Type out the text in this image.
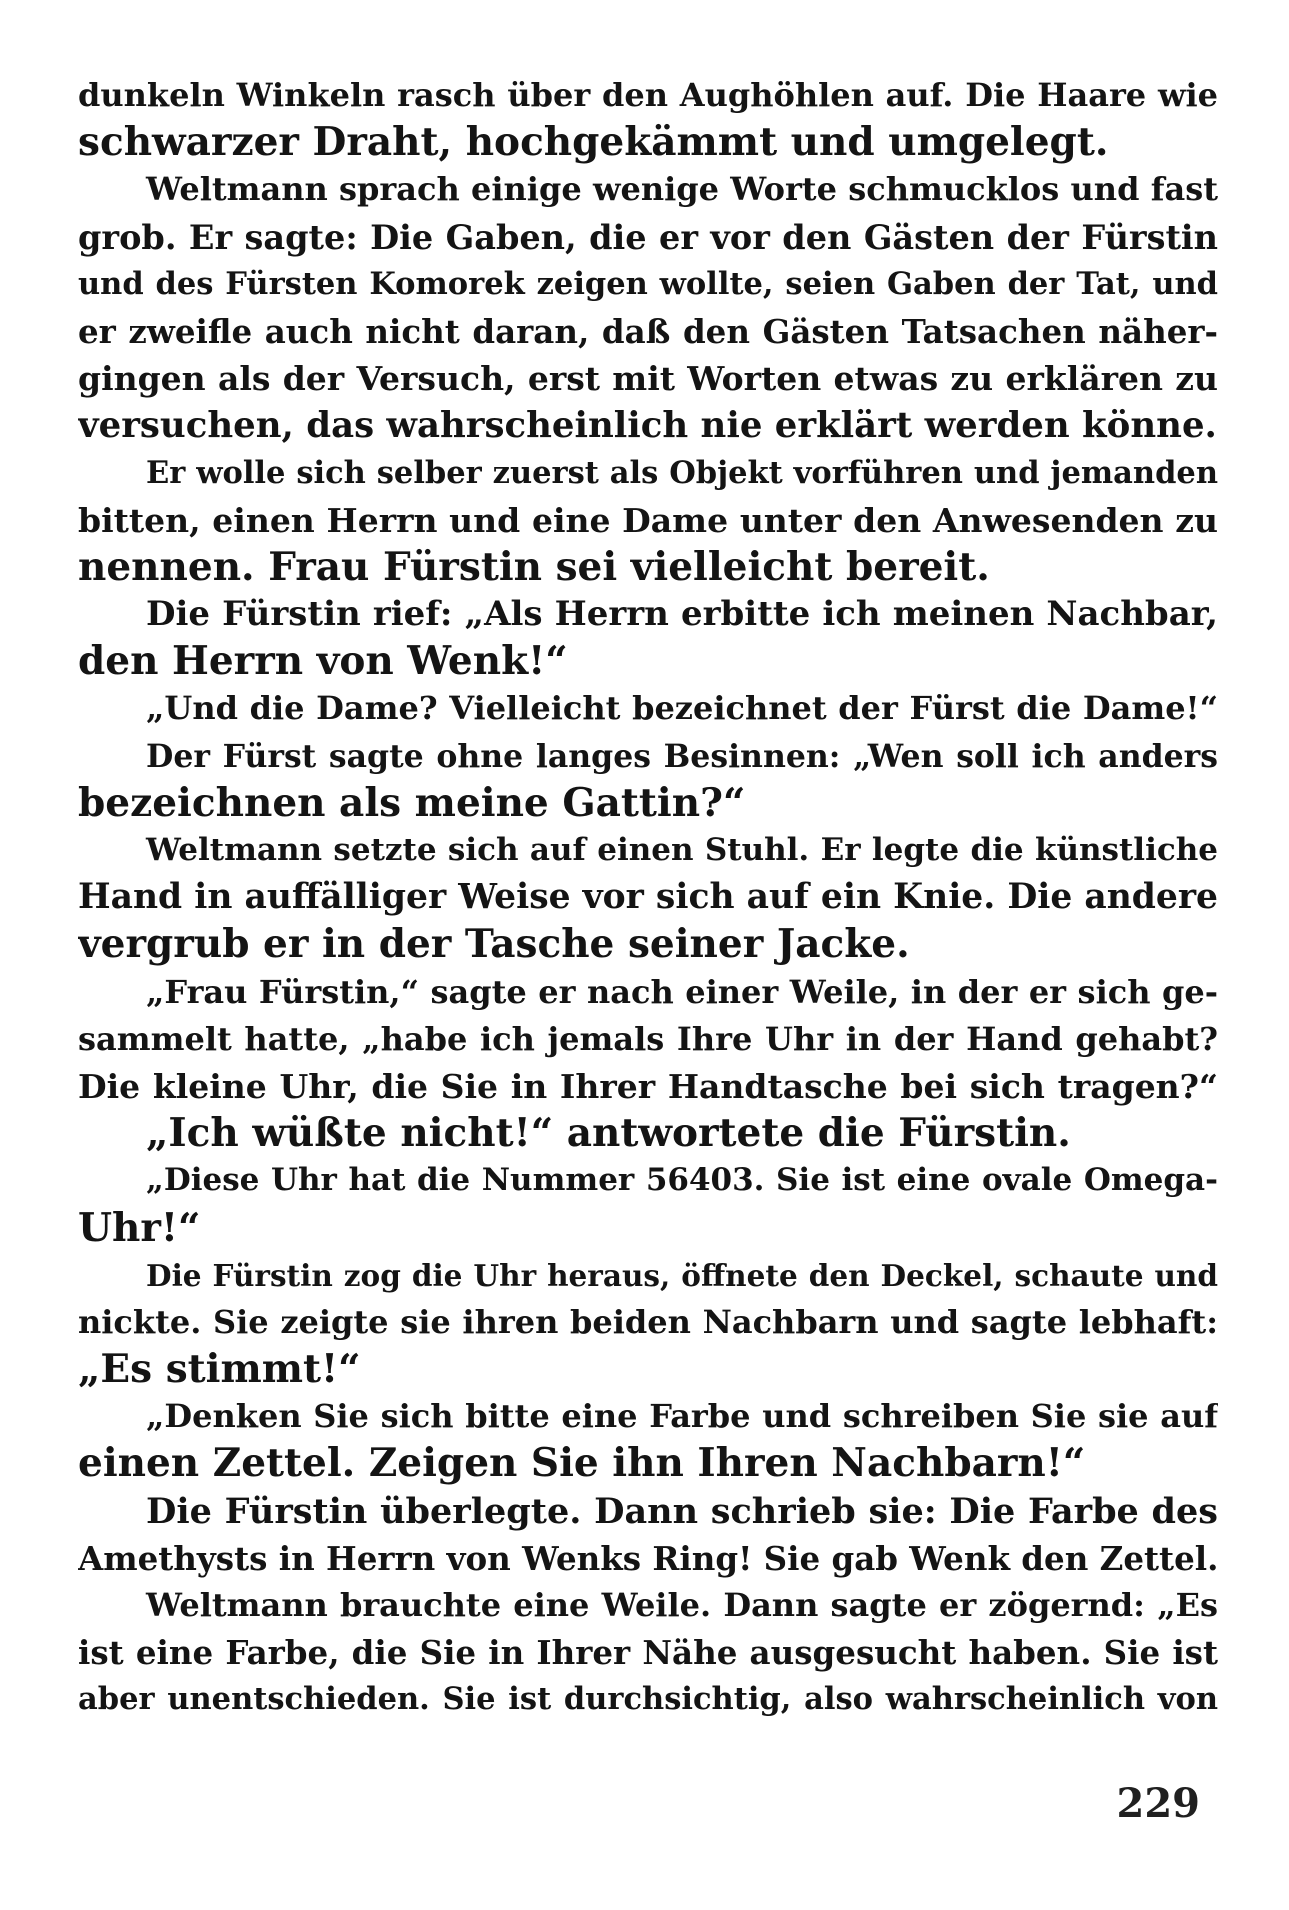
dunkeln Winkeln rasch über den Aughöhlen auf. Die Haare wie
schwarzer Draht, hochgekämmt und umgelegt.
Weltmann sprach einige wenige Worte schmucklos und fast
grob. Er sagte: Die Gaben, die er vor den Gästen der Fürstin
und des Fürsten Komorek zeigen wollte, seien Gaben der Tat, und
er zweifle auch nicht daran, daß den Gästen Tatsachen näher-
gingen als der Versuch, erst mit Worten etwas zu erklären zu
versuchen, das wahrscheinlich nie erklärt werden könne.
Er wolle sich selber zuerst als Objekt vorführen und jemanden
bitten, einen Herrn und eine Dame unter den Anwesenden zu
nennen. Frau Fürstin sei vielleicht bereit.
Die Fürstin rief: „Als Herrn erbitte ich meinen Nachbar,
den Herrn von Wenk!“
„Und die Dame? Vielleicht bezeichnet der Fürst die Dame!“
Der Fürst sagte ohne langes Besinnen: „Wen soll ich anders
bezeichnen als meine Gattin?“
Weltmann setzte sich auf einen Stuhl. Er legte die künstliche
Hand in auffälliger Weise vor sich auf ein Knie. Die andere
vergrub er in der Tasche seiner Jacke.
„Frau Fürstin,“ sagte er nach einer Weile, in der er sich ge-
sammelt hatte, „habe ich jemals Ihre Uhr in der Hand gehabt?
Die kleine Uhr, die Sie in Ihrer Handtasche bei sich tragen?“
„Ich wüßte nicht!“ antwortete die Fürstin.
„Diese Uhr hat die Nummer 56403. Sie ist eine ovale Omega-
Uhr!“
Die Fürstin zog die Uhr heraus, öffnete den Deckel, schaute und
nickte. Sie zeigte sie ihren beiden Nachbarn und sagte lebhaft:
„Es stimmt!“
„Denken Sie sich bitte eine Farbe und schreiben Sie sie auf
einen Zettel. Zeigen Sie ihn Ihren Nachbarn!“
Die Fürstin überlegte. Dann schrieb sie: Die Farbe des
Amethysts in Herrn von Wenks Ring! Sie gab Wenk den Zettel.
Weltmann brauchte eine Weile. Dann sagte er zögernd: „Es
ist eine Farbe, die Sie in Ihrer Nähe ausgesucht haben. Sie ist
aber unentschieden. Sie ist durchsichtig, also wahrscheinlich von
229
